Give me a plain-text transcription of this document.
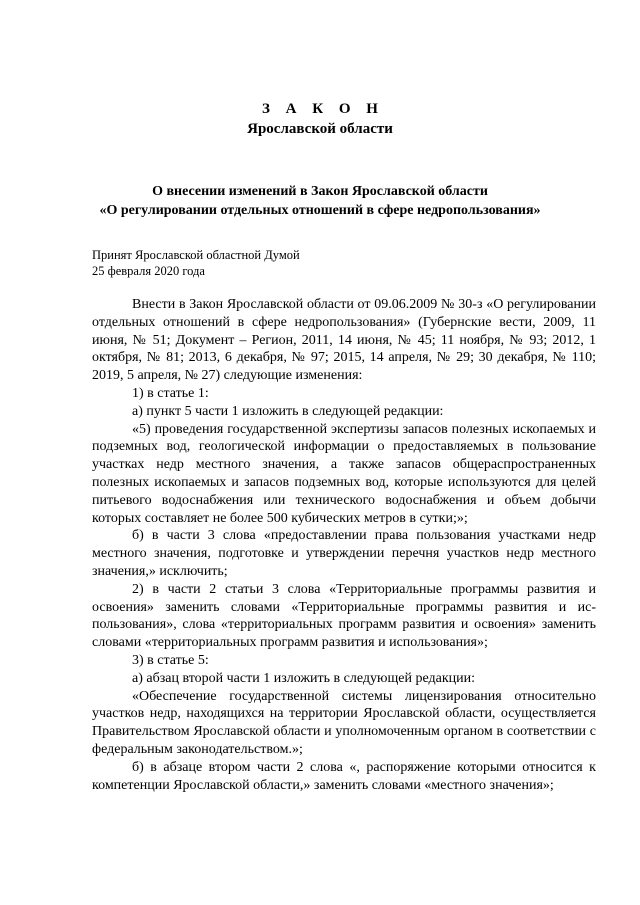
З А К О Н
Ярославской области
О внесении изменений в Закон Ярославской области
«О регулировании отдельных отношений в сфере недропользования»
Принят Ярославской областной Думой
25 февраля 2020 года

Внести в Закон Ярославской области от 09.06.2009 № 30-з «О регулировании отдельных отношений в сфере недропользования» (Губернские вести, 2009, 11 июня, № 51; Документ – Регион, 2011, 14 июня, № 45; 11 ноября, № 93; 2012, 1 октября, № 81; 2013, 6 декабря, № 97; 2015, 14 апреля, № 29; 30 декабря, № 110; 2019, 5 апреля, № 27) следующие изменения:

1) в статье 1:

а) пункт 5 части 1 изложить в следующей редакции:

«5) проведения государственной экспертизы запасов полезных ископаемых и подземных вод, геологической информации о предоставляемых в пользование участках недр местного значения, а также запасов общераспространенных полезных ископаемых и запасов подземных вод, которые используются для целей питьевого водоснабжения или технического водоснабжения и объем добычи которых составляет не более 500 кубических метров в сутки;»;

б) в части 3 слова «предоставлении права пользования участками недр местного значения, подготовке и утверждении перечня участков недр местного значения,» исключить;

2) в части 2 статьи 3 слова «Территориальные программы развития и освоения» заменить словами «Территориальные программы развития и использования», слова «территориальных программ развития и освоения» заменить словами «территориальных программ развития и использования»;

3) в статье 5:

а) абзац второй части 1 изложить в следующей редакции:

«Обеспечение государственной системы лицензирования относительно участков недр, находящихся на территории Ярославской области, осуществляется Правительством Ярославской области и уполномоченным органом в соответствии с федеральным законодательством.»;

б) в абзаце втором части 2 слова «, распоряжение которыми относится к компетенции Ярославской области,» заменить словами «местного значения»;
